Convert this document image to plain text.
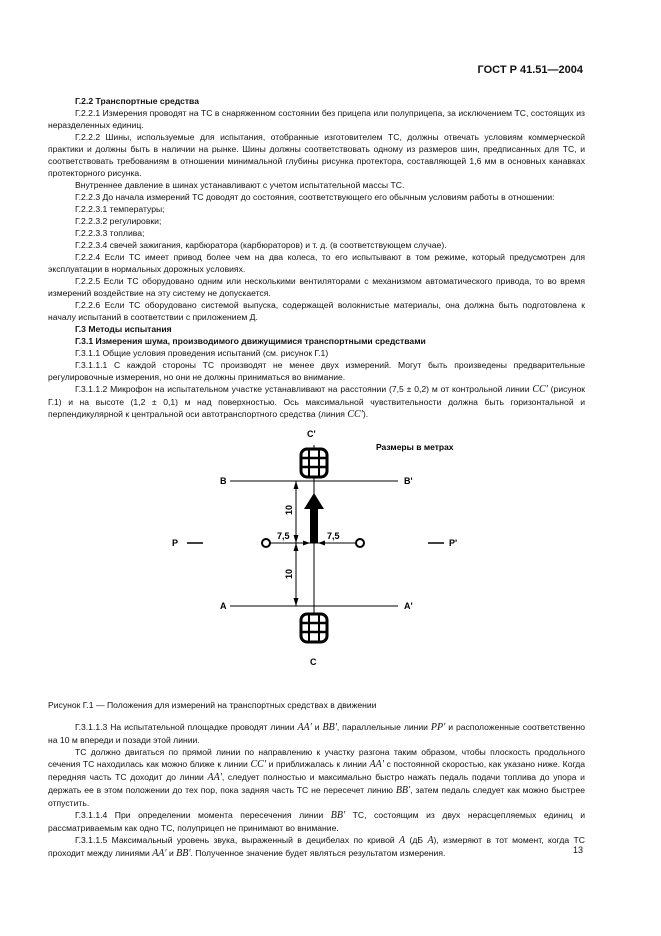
ГОСТ Р 41.51—2004

Г.2.2 Транспортные средства

Г.2.2.1 Измерения проводят на ТС в снаряженном состоянии без прицепа или полуприцепа, за исключением ТС, состоящих из неразделенных единиц.

Г.2.2.2 Шины, используемые для испытания, отобранные изготовителем ТС, должны отвечать условиям коммерческой практики и должны быть в наличии на рынке. Шины должны соответствовать одному из размеров шин, предписанных для ТС, и соответствовать требованиям в отношении минимальной глубины рисунка протектора, составляющей 1,6 мм в основных канавках протекторного рисунка.

Внутреннее давление в шинах устанавливают с учетом испытательной массы ТС.

Г.2.2.3 До начала измерений ТС доводят до состояния, соответствующего его обычным условиям работы в отношении:

Г.2.2.3.1 температуры;

Г.2.2.3.2 регулировки;

Г.2.2.3.3 топлива;

Г.2.2.3.4 свечей зажигания, карбюратора (карбюраторов) и т. д. (в соответствующем случае).

Г.2.2.4 Если ТС имеет привод более чем на два колеса, то его испытывают в том режиме, который предусмотрен для эксплуатации в нормальных дорожных условиях.

Г.2.2.5 Если ТС оборудовано одним или несколькими вентиляторами с механизмом автоматического привода, то во время измерений воздействие на эту систему не допускается.

Г.2.2.6 Если ТС оборудовано системой выпуска, содержащей волокнистые материалы, она должна быть подготовлена к началу испытаний в соответствии с приложением Д.

Г.3 Методы испытания

Г.3.1 Измерения шума, производимого движущимися транспортными средствами

Г.3.1.1 Общие условия проведения испытаний (см. рисунок Г.1)

Г.3.1.1.1 С каждой стороны ТС производят не менее двух измерений. Могут быть произведены предварительные регулировочные измерения, но они не должны приниматься во внимание.

Г.3.1.1.2 Микрофон на испытательном участке устанавливают на расстоянии (7,5 ± 0,2) м от контрольной линии CC' (рисунок Г.1) и на высоте (1,2 ± 0,1) м над поверхностью. Ось максимальной чувствительности должна быть горизонтальной и перпендикулярной к центральной оси автотранспортного средства (линия CC').

Размеры в метрах
C'
C
B	B'
A	A'
P	P'
10
10
7,5	7,5

Рисунок Г.1 — Положения для измерений на транспортных средствах в движении

Г.3.1.1.3 На испытательной площадке проводят линии AA' и BB', параллельные линии PP' и расположенные соответственно на 10 м впереди и позади этой линии.

ТС должно двигаться по прямой линии по направлению к участку разгона таким образом, чтобы плоскость продольного сечения ТС находилась как можно ближе к линии CC' и приближалась к линии AA' с постоянной скоростью, как указано ниже. Когда передняя часть ТС доходит до линии AA', следует полностью и максимально быстро нажать педаль подачи топлива до упора и держать ее в этом положении до тех пор, пока задняя часть ТС не пересечет линию BB', затем педаль следует как можно быстрее отпустить.

Г.3.1.1.4 При определении момента пересечения линии BB' ТС, состоящим из двух нерасцепляемых единиц и рассматриваемым как одно ТС, полуприцеп не принимают во внимание.

Г.3.1.1.5 Максимальный уровень звука, выраженный в децибелах по кривой A (дБ A), измеряют в тот момент, когда ТС проходит между линиями AA' и BB'. Полученное значение будет являться результатом измерения.	13
